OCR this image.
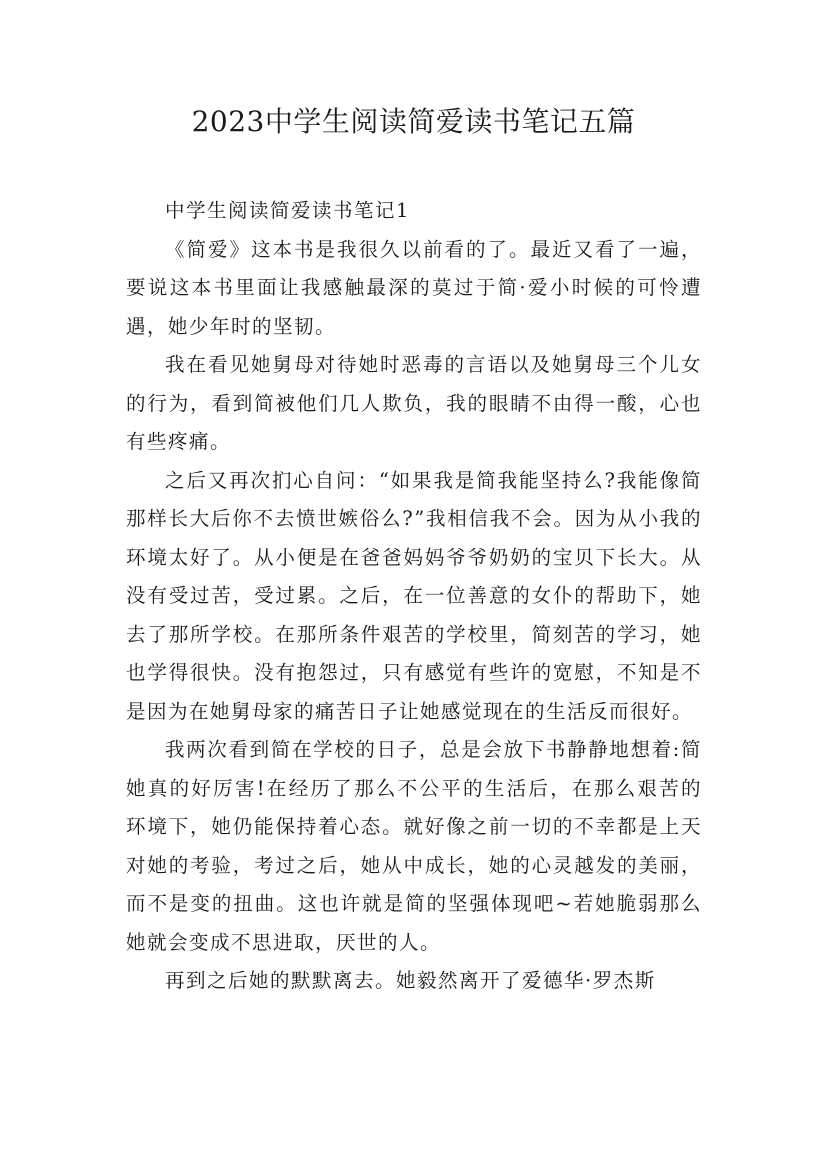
2023中学生阅读简爱读书笔记五篇

中学生阅读简爱读书笔记1

《简爱》这本书是我很久以前看的了。最近又看了一遍，要说这本书里面让我感触最深的莫过于简·爱小时候的可怜遭遇，她少年时的坚韧。

我在看见她舅母对待她时恶毒的言语以及她舅母三个儿女的行为，看到简被他们几人欺负，我的眼睛不由得一酸，心也有些疼痛。

之后又再次扪心自问：“如果我是简我能坚持么?我能像简那样长大后你不去愤世嫉俗么?”我相信我不会。因为从小我的环境太好了。从小便是在爸爸妈妈爷爷奶奶的宝贝下长大。从没有受过苦，受过累。之后，在一位善意的女仆的帮助下，她去了那所学校。在那所条件艰苦的学校里，简刻苦的学习，她也学得很快。没有抱怨过，只有感觉有些许的宽慰，不知是不是因为在她舅母家的痛苦日子让她感觉现在的生活反而很好。

我两次看到简在学校的日子，总是会放下书静静地想着:简她真的好厉害!在经历了那么不公平的生活后，在那么艰苦的环境下，她仍能保持着心态。就好像之前一切的不幸都是上天对她的考验，考过之后，她从中成长，她的心灵越发的美丽，而不是变的扭曲。这也许就是简的坚强体现吧~若她脆弱那么她就会变成不思进取，厌世的人。

再到之后她的默默离去。她毅然离开了爱德华·罗杰斯
